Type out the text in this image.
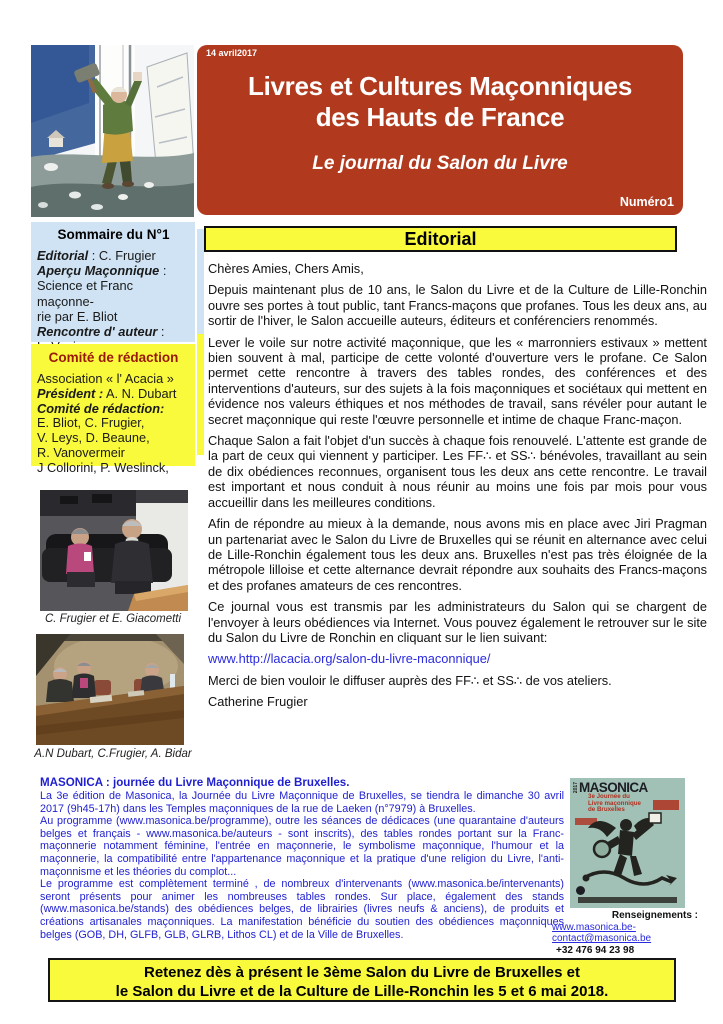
14 avril2017
Livres et Cultures Maçonniques
des Hauts de France
Le journal du Salon du Livre
Numéro1
Sommaire du N°1
Editorial : C. Frugier
Aperçu Maçonnique :
Science et Franc maçonne-
rie par E. Bliot
Rencontre d' auteur :
Comité de rédaction
Association « l' Acacia »
Président : A. N. Dubart
Comité de rédaction:
E. Bliot, C. Frugier,
V. Leys, D. Beaune,
R. Vanovermeir
J Collorini, P. Weslinck,
C. Frugier et E. Giacometti
A.N Dubart, C.Frugier, A. Bidar
Editorial

Chères Amies, Chers Amis,

Depuis maintenant plus de 10 ans, le Salon du Livre et de la Culture de Lille-Ronchin ouvre ses portes à tout public, tant Francs-maçons que profanes. Tous les deux ans, au sortir de l'hiver, le Salon accueille auteurs, éditeurs et conférenciers renommés.

Lever le voile sur notre activité maçonnique, que les « marronniers estivaux » mettent bien souvent à mal, participe de cette volonté d'ouverture vers le profane. Ce Salon permet cette rencontre à travers des tables rondes, des conférences et des interventions d'auteurs, sur des sujets à la fois maçonniques et sociétaux qui mettent en évidence nos valeurs éthiques et nos méthodes de travail, sans révéler pour autant le secret maçonnique qui reste l'œuvre personnelle et intime de chaque Franc-maçon.

Chaque Salon a fait l'objet d'un succès à chaque fois renouvelé. L'attente est grande de la part de ceux qui viennent y participer. Les FF∴ et SS∴ bénévoles, travaillant au sein de dix obédiences reconnues, organisent tous les deux ans cette rencontre. Le travail est important et nous conduit à nous réunir au moins une fois par mois pour vous accueillir dans les meilleures conditions.

Afin de répondre au mieux à la demande, nous avons mis en place avec Jiri Pragman un partenariat avec le Salon du Livre de Bruxelles qui se réunit en alternance avec celui de Lille-Ronchin également tous les deux ans. Bruxelles n'est pas très éloignée de la métropole lilloise et cette alternance devrait répondre aux souhaits des Francs-maçons et des profanes amateurs de ces rencontres.

Ce journal vous est transmis par les administrateurs du Salon qui se chargent de l'envoyer à leurs obédiences via Internet. Vous pouvez également le retrouver sur le site du Salon du Livre de Ronchin en cliquant sur le lien suivant:

www.http://lacacia.org/salon-du-livre-maconnique/

Merci de bien vouloir le diffuser auprès des FF∴ et SS∴ de vos ateliers.

Catherine Frugier

MASONICA : journée du Livre Maçonnique de Bruxelles.

La 3e édition de Masonica, la Journée du Livre Maçonnique de Bruxelles, se tiendra le dimanche 30 avril 2017 (9h45-17h) dans les Temples maçonniques de la rue de Laeken (n°7979) à Bruxelles.

Au programme (www.masonica.be/programme), outre les séances de dédicaces (une quarantaine d'auteurs belges et français - www.masonica.be/auteurs - sont inscrits), des tables rondes portant sur la Franc-maçonnerie notamment féminine, l'entrée en maçonnerie, le symbolisme maçonnique, l'humour et la maçonnerie, la compatibilité entre l'appartenance maçonnique et la pratique d'une religion du Livre, l'anti-maçonnisme et les théories du complot...

Le programme est complètement terminé , de nombreux d'intervenants (www.masonica.be/intervenants) seront présents pour animer les nombreuses tables rondes. Sur place, également des stands (www.masonica.be/stands) des obédiences belges, de librairies (livres neufs & anciens), de produits et créations artisanales maçonniques. La manifestation bénéficie du soutien des obédiences maçonniques belges (GOB, DH, GLFB, GLB, GLRB, Lithos CL) et de la Ville de Bruxelles.

2017 MASONICA
3e Journée du
Livre maçonnique
de Bruxelles
Renseignements :
www.masonica.be-
contact@masonica.be
+32 476 94 23 98
Retenez dès à présent le 3ème Salon du Livre de Bruxelles et
le Salon du Livre et de la Culture de Lille-Ronchin les 5 et 6 mai 2018.
